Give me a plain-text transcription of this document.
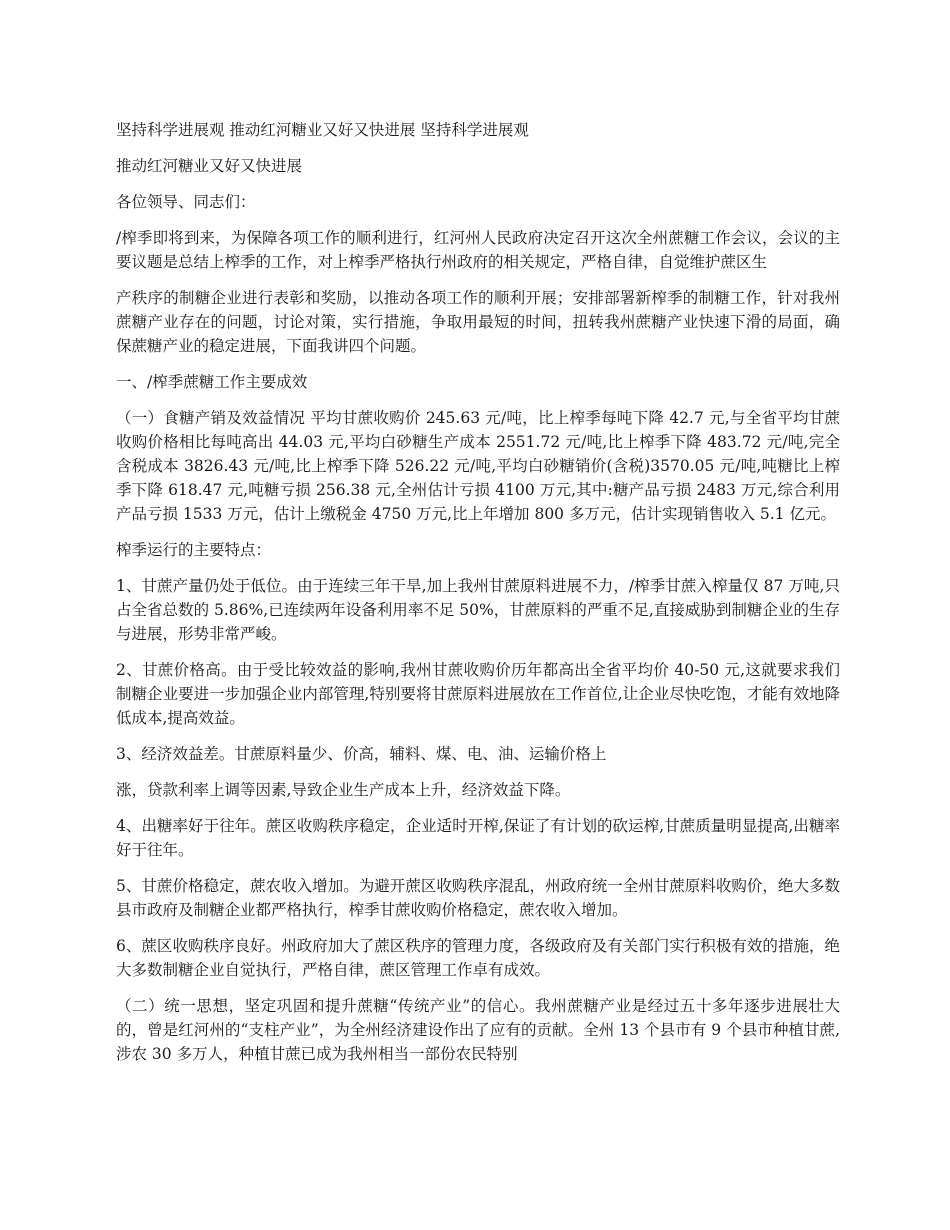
坚持科学进展观 推动红河糖业又好又快进展 坚持科学进展观

推动红河糖业又好又快进展

各位领导、同志们：

/榨季即将到来，为保障各项工作的顺利进行，红河州人民政府决定召开这次全州蔗糖工作会议，会议的主要议题是总结上榨季的工作，对上榨季严格执行州政府的相关规定，严格自律，自觉维护蔗区生

产秩序的制糖企业进行表彰和奖励，以推动各项工作的顺利开展；安排部署新榨季的制糖工作，针对我州蔗糖产业存在的问题，讨论对策，实行措施，争取用最短的时间，扭转我州蔗糖产业快速下滑的局面，确保蔗糖产业的稳定进展，下面我讲四个问题。

一、/榨季蔗糖工作主要成效

（一）食糖产销及效益情况 平均甘蔗收购价 245.63 元/吨，比上榨季每吨下降 42.7 元,与全省平均甘蔗收购价格相比每吨高出 44.03 元,平均白砂糖生产成本 2551.72 元/吨,比上榨季下降 483.72 元/吨,完全含税成本 3826.43 元/吨,比上榨季下降 526.22 元/吨,平均白砂糖销价(含税)3570.05 元/吨,吨糖比上榨季下降 618.47 元,吨糖亏损 256.38 元,全州估计亏损 4100 万元,其中:糖产品亏损 2483 万元,综合利用产品亏损 1533 万元，估计上缴税金 4750 万元,比上年增加 800 多万元，估计实现销售收入 5.1 亿元。

榨季运行的主要特点：

1、甘蔗产量仍处于低位。由于连续三年干旱,加上我州甘蔗原料进展不力，/榨季甘蔗入榨量仅 87 万吨,只占全省总数的 5.86%,已连续两年设备利用率不足 50%，甘蔗原料的严重不足,直接威胁到制糖企业的生存与进展，形势非常严峻。

2、甘蔗价格高。由于受比较效益的影响,我州甘蔗收购价历年都高出全省平均价 40-50 元,这就要求我们制糖企业要进一步加强企业内部管理,特别要将甘蔗原料进展放在工作首位,让企业尽快吃饱，才能有效地降低成本,提高效益。

3、经济效益差。甘蔗原料量少、价高，辅料、煤、电、油、运输价格上

涨，贷款利率上调等因素,导致企业生产成本上升，经济效益下降。

4、出糖率好于往年。蔗区收购秩序稳定，企业适时开榨,保证了有计划的砍运榨,甘蔗质量明显提高,出糖率好于往年。

5、甘蔗价格稳定，蔗农收入增加。为避开蔗区收购秩序混乱，州政府统一全州甘蔗原料收购价，绝大多数县市政府及制糖企业都严格执行，榨季甘蔗收购价格稳定，蔗农收入增加。

6、蔗区收购秩序良好。州政府加大了蔗区秩序的管理力度，各级政府及有关部门实行积极有效的措施，绝大多数制糖企业自觉执行，严格自律，蔗区管理工作卓有成效。

（二）统一思想，坚定巩固和提升蔗糖“传统产业”的信心。我州蔗糖产业是经过五十多年逐步进展壮大的，曾是红河州的“支柱产业”，为全州经济建设作出了应有的贡献。全州 13 个县市有 9 个县市种植甘蔗,涉农 30 多万人，种植甘蔗已成为我州相当一部份农民特别
